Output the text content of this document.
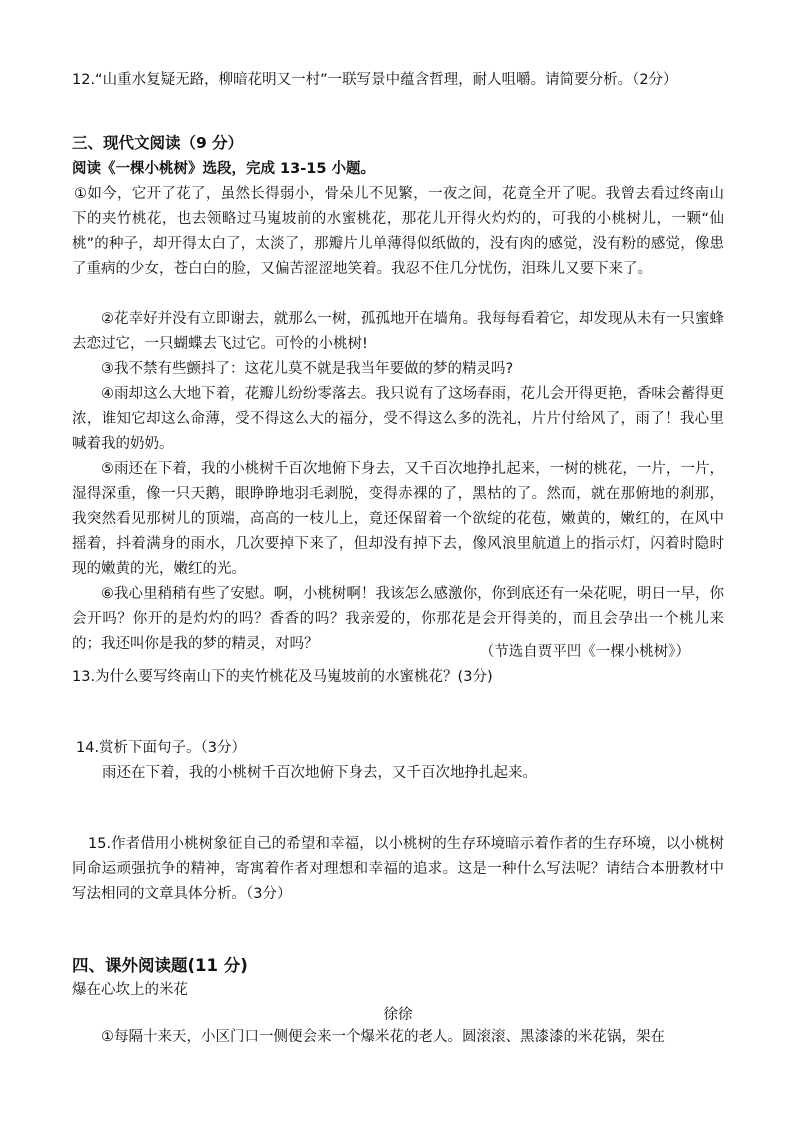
12.“山重水复疑无路，柳暗花明又一村”一联写景中蕴含哲理，耐人咀嚼。请简要分析。（2分）

三、现代文阅读（9 分）

阅读《一棵小桃树》选段，完成 13-15 小题。

①如今，它开了花了，虽然长得弱小，骨朵儿不见繁，一夜之间，花竟全开了呢。我曾去看过终南山下的夹竹桃花，也去领略过马嵬坡前的水蜜桃花，那花儿开得火灼灼的，可我的小桃树儿，一颗“仙桃”的种子，却开得太白了，太淡了，那瓣片儿单薄得似纸做的，没有肉的感觉，没有粉的感觉，像患了重病的少女，苍白白的脸，又偏苦涩涩地笑着。我忍不住几分忧伤，泪珠儿又要下来了。

②花幸好并没有立即谢去，就那么一树，孤孤地开在墙角。我每每看着它，却发现从未有一只蜜蜂去恋过它，一只蝴蝶去飞过它。可怜的小桃树!

③我不禁有些颤抖了：这花儿莫不就是我当年要做的梦的精灵吗?

④雨却这么大地下着，花瓣儿纷纷零落去。我只说有了这场春雨，花儿会开得更艳，香味会蓄得更浓，谁知它却这么命薄，受不得这么大的福分，受不得这么多的洗礼，片片付给风了，雨了！我心里喊着我的奶奶。

⑤雨还在下着，我的小桃树千百次地俯下身去，又千百次地挣扎起来，一树的桃花，一片，一片，湿得深重，像一只天鹅，眼睁睁地羽毛剥脱，变得赤裸的了，黑枯的了。然而，就在那俯地的刹那，我突然看见那树儿的顶端，高高的一枝儿上，竟还保留着一个欲绽的花苞，嫩黄的，嫩红的，在风中摇着，抖着满身的雨水，几次要掉下来了，但却没有掉下去，像风浪里航道上的指示灯，闪着时隐时现的嫩黄的光，嫩红的光。

⑥我心里稍稍有些了安慰。啊，小桃树啊！我该怎么感激你，你到底还有一朵花呢，明日一早，你会开吗？你开的是灼灼的吗？香香的吗？我亲爱的，你那花是会开得美的，而且会孕出一个桃儿来的；我还叫你是我的梦的精灵，对吗？	（节选自贾平凹《一棵小桃树》）

13.为什么要写终南山下的夹竹桃花及马嵬坡前的水蜜桃花？(3分)

14.赏析下面句子。（3分）

雨还在下着，我的小桃树千百次地俯下身去，又千百次地挣扎起来。

15.作者借用小桃树象征自己的希望和幸福，以小桃树的生存环境暗示着作者的生存环境，以小桃树同命运顽强抗争的精神，寄寓着作者对理想和幸福的追求。这是一种什么写法呢？请结合本册教材中写法相同的文章具体分析。（3分）

四、课外阅读题(11 分)

爆在心坎上的米花

徐徐

①每隔十来天，小区门口一侧便会来一个爆米花的老人。圆滚滚、黑漆漆的米花锅，架在
